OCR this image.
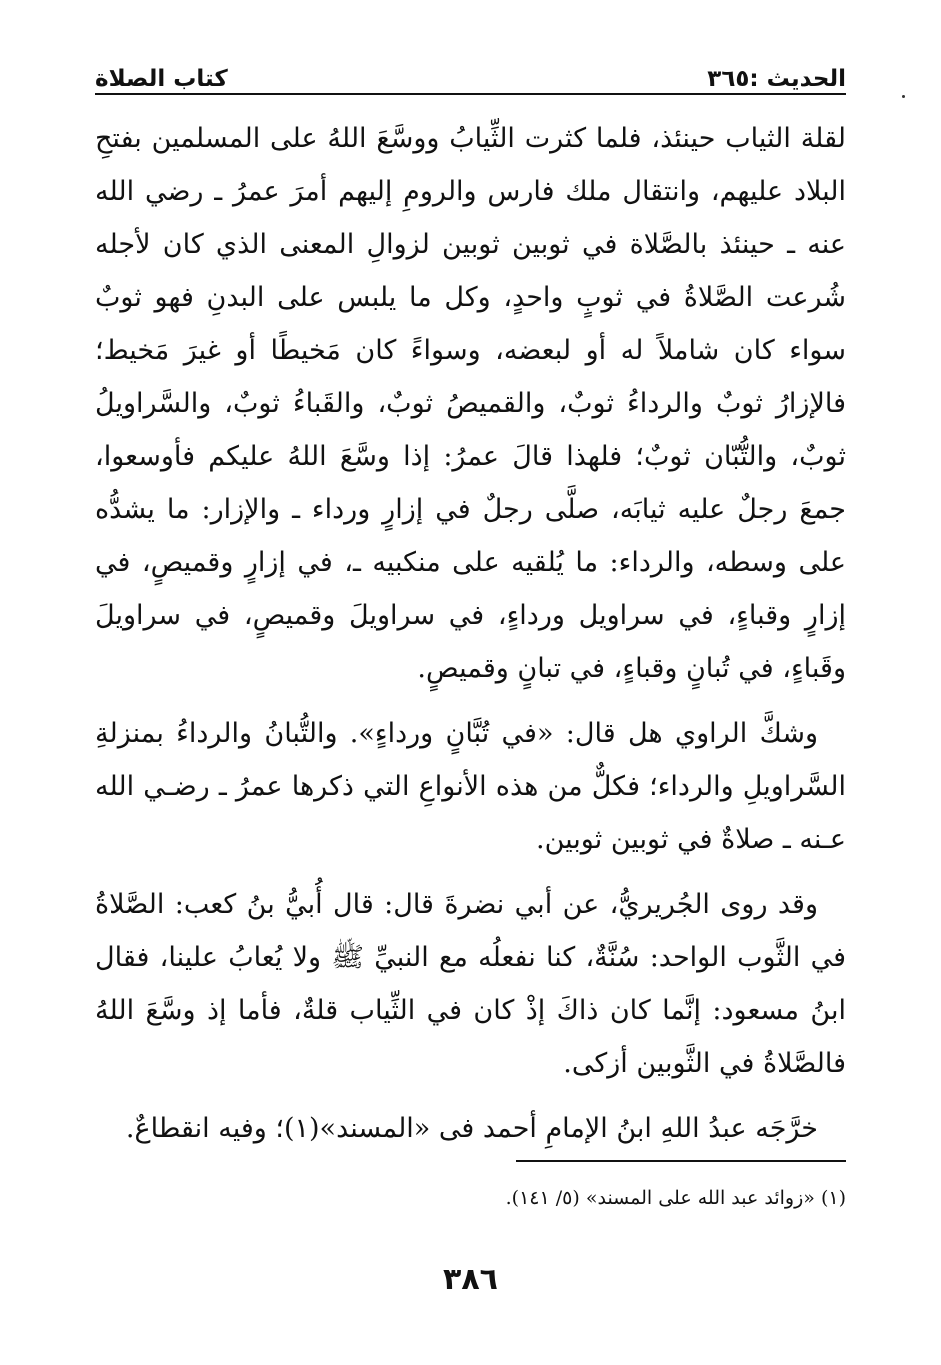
الحديث :٣٦٥
كتاب الصلاة

لقلة الثياب حينئذ، فلما كثرت الثِّيابُ ووسَّعَ اللهُ على المسلمين بفتحِ البلاد عليهم، وانتقال ملك فارس والرومِ إليهم أمرَ عمرُ ـ رضي الله عنه ـ حينئذ بالصَّلاة في ثوبين ثوبين لزوالِ المعنى الذي كان لأجله شُرعت الصَّلاةُ في ثوبٍ واحدٍ، وكل ما يلبس على البدنِ فهو ثوبٌ سواء كان شاملاً له أو لبعضه، وسواءً كان مَخيطًا أو غيرَ مَخيط؛ فالإزارُ ثوبٌ والرداءُ ثوبٌ، والقميصُ ثوبٌ، والقَباءُ ثوبٌ، والسَّراويلُ ثوبٌ، والتُّبّان ثوبٌ؛ فلهذا قالَ عمرُ: إذا وسَّعَ اللهُ عليكم فأوسعوا، جمعَ رجلٌ عليه ثيابَه، صلَّى رجلٌ في إزارٍ ورداء ـ والإزار: ما يشدُّه على وسطه، والرداء: ما يُلقيه على منكبيه ـ، في إزارٍ وقميصٍ، في إزارٍ وقباءٍ، في سراويل ورداءٍ، في سراويلَ وقميصٍ، في سراويلَ وقَباءٍ، في تُبانٍ وقباءٍ، في تبانٍ وقميصٍ.

وشكَّ الراوي هل قال: «في تُبَّانٍ ورداءٍ». والتُّبانُ والرداءُ بمنزلةِ السَّراويلِ والرداء؛ فكلٌّ من هذه الأنواعِ التي ذكرها عمرُ ـ رضـي الله عـنه ـ صلاةٌ في ثوبين ثوبين.

وقد روى الجُريريُّ، عن أبي نضرةَ قال: قال أُبيُّ بنُ كعب: الصَّلاةُ في الثَّوب الواحد: سُنَّةٌ، كنا نفعلُه مع النبيِّ ﷺ ولا يُعابُ علينا، فقال ابنُ مسعود: إنَّما كان ذاكَ إذْ كان في الثِّياب قلةٌ، فأما إذ وسَّعَ اللهُ فالصَّلاةُ في الثَّوبين أزكى.

خرَّجَه عبدُ اللهِ ابنُ الإمامِ أحمد فى «المسند»(١)؛ وفيه انقطاعٌ.

(١) «زوائد عبد الله على المسند» (٥/ ١٤١).
٣٨٦
